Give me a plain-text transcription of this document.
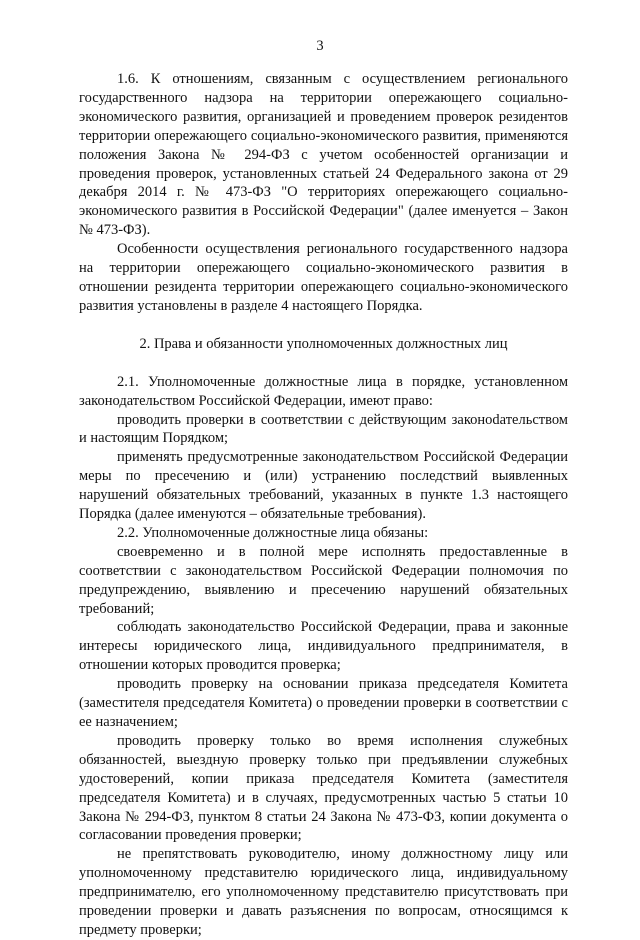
3

1.6. К отношениям, связанным с осуществлением регионального государственного надзора на территории опережающего социально-экономического развития, организацией и проведением проверок резидентов территории опережающего социально-экономического развития, применяются положения Закона № 294-ФЗ с учетом особенностей организации и проведения проверок, установленных статьей 24 Федерального закона от 29 декабря 2014 г. № 473-ФЗ "О территориях опережающего социально-экономического развития в Российской Федерации" (далее именуется – Закон № 473-ФЗ).

Особенности осуществления регионального государственного надзора на территории опережающего социально-экономического развития в отношении резидента территории опережающего социально-экономического развития установлены в разделе 4 настоящего Порядка.

2. Права и обязанности уполномоченных должностных лиц

2.1. Уполномоченные должностные лица в порядке, установленном законодательством Российской Федерации, имеют право:

проводить проверки в соответствии с действующим законоdательством и настоящим Порядком;

применять предусмотренные законодательством Российской Федерации меры по пресечению и (или) устранению последствий выявленных нарушений обязательных требований, указанных в пункте 1.3 настоящего Порядка (далее именуются – обязательные требования).

2.2. Уполномоченные должностные лица обязаны:

своевременно и в полной мере исполнять предоставленные в соответствии с законодательством Российской Федерации полномочия по предупреждению, выявлению и пресечению нарушений обязательных требований;

соблюдать законодательство Российской Федерации, права и законные интересы юридического лица, индивидуального предпринимателя, в отношении которых проводится проверка;

проводить проверку на основании приказа председателя Комитета (заместителя председателя Комитета) о проведении проверки в соответствии с ее назначением;

проводить проверку только во время исполнения служебных обязанностей, выездную проверку только при предъявлении служебных удостоверений, копии приказа председателя Комитета (заместителя председателя Комитета) и в случаях, предусмотренных частью 5 статьи 10 Закона № 294-ФЗ, пунктом 8 статьи 24 Закона № 473-ФЗ, копии документа о согласовании проведения проверки;

не препятствовать руководителю, иному должностному лицу или уполномоченному представителю юридического лица, индивидуальному предпринимателю, его уполномоченному представителю присутствовать при проведении проверки и давать разъяснения по вопросам, относящимся к предмету проверки;
